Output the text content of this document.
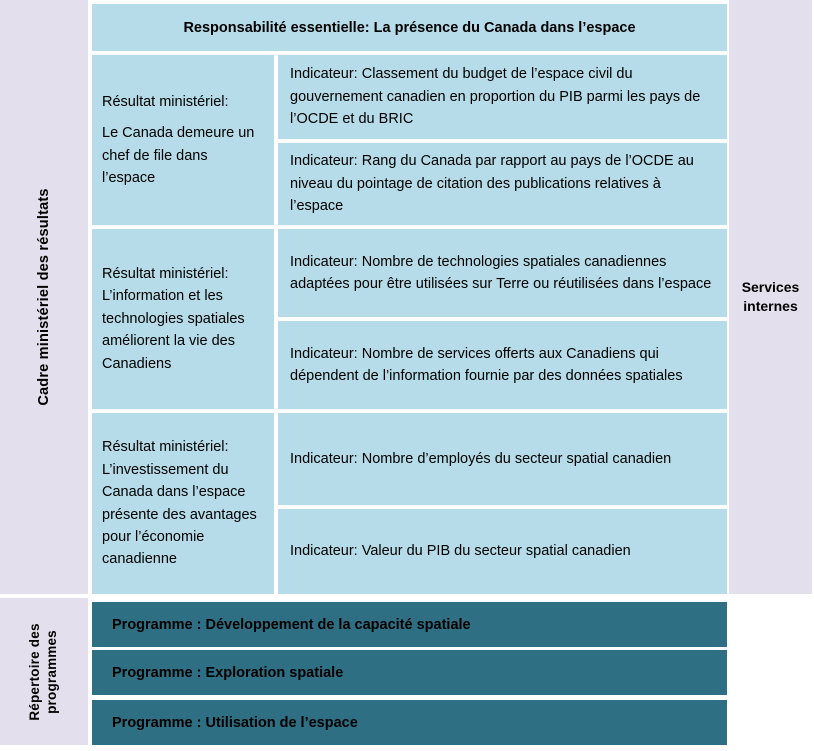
Cadre ministériel des résultats
Répertoire des programmes
Services internes
Responsabilité essentielle: La présence du Canada dans l’espace
Résultat ministériel:
Le Canada demeure un chef de file dans l’espace
Résultat ministériel:
L’information et les technologies spatiales améliorent la vie des Canadiens
Résultat ministériel:
L’investissement du Canada dans l’espace présente des avantages pour l’économie canadienne
Indicateur: Classement du budget de l’espace civil du gouvernement canadien en proportion du PIB parmi les pays de l’OCDE et du BRIC
Indicateur: Rang du Canada par rapport au pays de l’OCDE au niveau du pointage de citation des publications relatives à l’espace
Indicateur: Nombre de technologies spatiales canadiennes adaptées pour être utilisées sur Terre ou réutilisées dans l’espace
Indicateur: Nombre de services offerts aux Canadiens qui dépendent de l’information fournie par des données spatiales
Indicateur: Nombre d’employés du secteur spatial canadien
Indicateur: Valeur du PIB du secteur spatial canadien
Programme : Développement de la capacité spatiale
Programme : Exploration spatiale
Programme : Utilisation de l’espace
